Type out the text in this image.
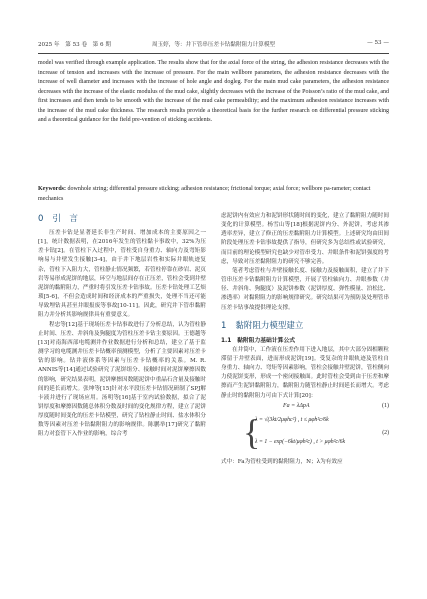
2025 年　第 53 卷　第 6 期	周玉婷，等：井下管串压差卡钻黏附阻力计算模型	— 53 —

model was verified through example application. The results show that for the axial force of the string, the adhesion resistance decreases with the increase of tension and increases with the increase of pressure. For the main wellbore parameters, the adhesion resistance decreases with the increase of well diameter and increases with the increase of hole angle and dogleg. For the main mud cake parameters, the adhesion resistance decreases with the increase of the elastic modulus of the mud cake, slightly decreases with the increase of the Poisson’s ratio of the mud cake, and first increases and then tends to be smooth with the increase of the mud cake permeability; and the maximum adhesion resistance increases with the increase of the mud cake thickness. The research results provide a theoretical basis for the further research on differential pressure sticking and a theoretical guidance for the field pre-vention of sticking accidents.

Keywords: downhole string; differential pressure sticking; adhesion resistance; frictional torque; axial force; wellbore pa-rameter; contact mechanics
0 引　言

压差卡钻是显著延长非生产时间、增加成本的主要原因之一[1]，统计数据表明，在2016年发生的管柱黏卡事故中，32%为压差卡钻[2]。在管柱下入过程中，管柱受自身重力、轴向力及弯矩影响易与井壁发生接触[3-4]，由于井下地层岩性和实际井眼轨迹复杂，管柱下入阻力大，管柱静止情况频繁，若管柱停靠在砂岩、泥页岩等易形成泥饼的地层，环空与地层间存在正压差，管柱会受到井壁泥饼的黏附阻力，严重时将引发压差卡钻事故。压差卡钻处理工艺烦琐[5-6]，不但会造成时间和经济成本的严重损失，处理不当还可能导致埋钻具甚至井眼报废等事故[10-11]。因此，研究井下管串黏附阻力并分析其影响规律具有重要意义。

程忠等[12]基于现场压差卡钻事故进行了分析总结，认为管柱静止时间、压差、井斜角及狗腿度为管柱压差卡钻主要原因。王德越等[13]对南海西部电缆测井作业数据进行分析和总结，建立了基于监测学习的电缆测井压差卡钻概率预测模型，分析了主要因素对压差卡钻的影响。钻井液体系等因素与压差卡钻概率的关系。M. R. ANNIS等[14]通过试验研究了泥饼组分、接触时间对泥饼摩擦因数的影响，研究结果表明，泥饼摩擦因数随泥饼中重晶石含量及接触时间的延长而增大。张坤等[15]针对水平段压差卡钻情况研制了SPJ解卡液并进行了现场应用。汤明等[16]基于室内试验数据，拟合了泥饼厚度和摩擦因数随总体积分数及时间的变化规律方程，建立了泥饼厚度随时间变化的压差卡钻模型，研究了钻柱静止时间、盐水体积分数等因素对压差卡钻黏附阻力的影响规律。陈鹏举[17]研究了黏附阻力对套管下入作业的影响，综合考

虑泥饼内有效应力和泥饼形状随时间的变化，建立了黏附阻力随时间变化的计算模型。杨雪山等[18]根据泥饼内分、外泥饼，考虑其渗透率差异，建立了修正的压差黏附阻力计算模型。上述研究均由田间阶段处理压差卡钻事故提供了指导，但研究多为总结性或试验研究，而目前的理论模型研究也缺少对管串受力、井眼条件和泥饼强度的考虑，导致对压差黏附阻力的研究不够完善。

笔者考虑管柱与井壁接触长度、接触力及接触面积，建立了井下管串压差卡钻黏附阻力计算模型，开展了管柱轴向力、井眼参数（井径、井斜角、狗腿度）及泥饼参数（泥饼厚度、弹性模量、泊松比、渗透率）对黏附阻力的影响规律研究。研究结果可为预防及处理管串压差卡钻事故提供理论支撑。

1 黏附阻力模型建立
1.1　黏附阻力基础计算公式

在井筒中，工作液在压差作用下进入地层，其中大部分固相颗粒滞留于井壁表面，进而形成泥饼[19]。受复杂的井眼轨迹及管柱自身重力、轴向力、弯矩等因素影响，管柱会接触井壁泥饼，管柱侧向力使泥饼变形，形成一个密闭接触面。此时管柱会受到由于压差和摩擦而产生泥饼黏附阻力，黏附阻力随管柱静止时间延长而增大。考虑静止时的黏附阻力可由下式计算[20]：

Fa = λΔpA	(1)
{
λ = √(3kt/2μφhc²) , t ≤ μφh²c/6k
λ = 1 − exp(−6kt/μφh²c) , t > μφh²c/6k
(2)

式中：Fa为管柱受到的黏附阻力，N；λ为有效应
